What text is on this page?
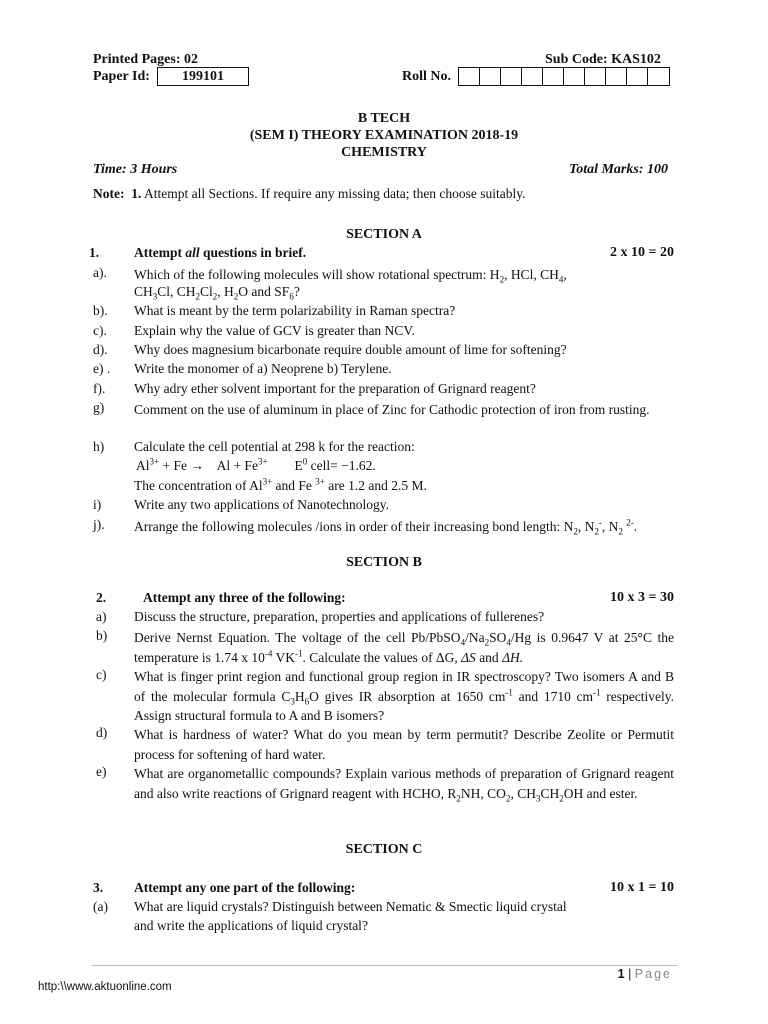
Printed Pages: 02	Sub Code: KAS102
Paper Id:	199101	Roll No.
B TECH
(SEM I) THEORY EXAMINATION 2018-19
CHEMISTRY
Time: 3 Hours	Total Marks: 100
Note: 1. Attempt all Sections. If require any missing data; then choose suitably.
SECTION A
1.	Attempt all questions in brief.	2 x 10 = 20
a). Which of the following molecules will show rotational spectrum: $H_2$, HCl, $CH_4$,
$CH_3Cl$, $CH_2Cl_2$, $H_2O$ and $SF_6$?
b). What is meant by the term polarizability in Raman spectra?
c). Explain why the value of GCV is greater than NCV.
d). Why does magnesium bicarbonate require double amount of lime for softening?
e) . Write the monomer of a) Neoprene b) Terylene.
f). Why adry ether solvent important for the preparation of Grignard reagent?
g) Comment on the use of aluminum in place of Zinc for Cathodic protection of iron from rusting.
h) Calculate the cell potential at 298 k for the reaction:
$Al^{3+} + Fe$ →    $Al + Fe^{3+}$        $E^0$ cell= −1.62.
The concentration of $Al^{3+}$ and Fe $^{3+}$ are 1.2 and 2.5 M.
i) Write any two applications of Nanotechnology.
j). Arrange the following molecules /ions in order of their increasing bond length: $N_2$, $N_2^-$, $N_2$ $^{2-}$.
SECTION B
2.	Attempt any three of the following:	10 x 3 = 30
a) Discuss the structure, preparation, properties and applications of fullerenes?
b) Derive Nernst Equation. The voltage of the cell $Pb/PbSO_4/Na_2SO_4/Hg$ is 0.9647 V at 25°C the temperature is 1.74 x $10^{-4}$ $VK^{-1}$. Calculate the values of ΔG, ΔS and ΔH.
c) What is finger print region and functional group region in IR spectroscopy? Two isomers A and B of the molecular formula $C_3H_6O$ gives IR absorption at 1650 $cm^{-1}$ and 1710 $cm^{-1}$ respectively. Assign structural formula to A and B isomers?
d) What is hardness of water? What do you mean by term permutit? Describe Zeolite or Permutit process for softening of hard water.
e) What are organometallic compounds? Explain various methods of preparation of Grignard reagent and also write reactions of Grignard reagent with HCHO, $R_2NH$, $CO_2$, $CH_3CH_2OH$ and ester.
SECTION C
3. Attempt any one part of the following:	10 x 1 = 10
(a) What are liquid crystals? Distinguish between Nematic & Smectic liquid crystal
and write the applications of liquid crystal?
1 | Page
http:\\www.aktuonline.com
